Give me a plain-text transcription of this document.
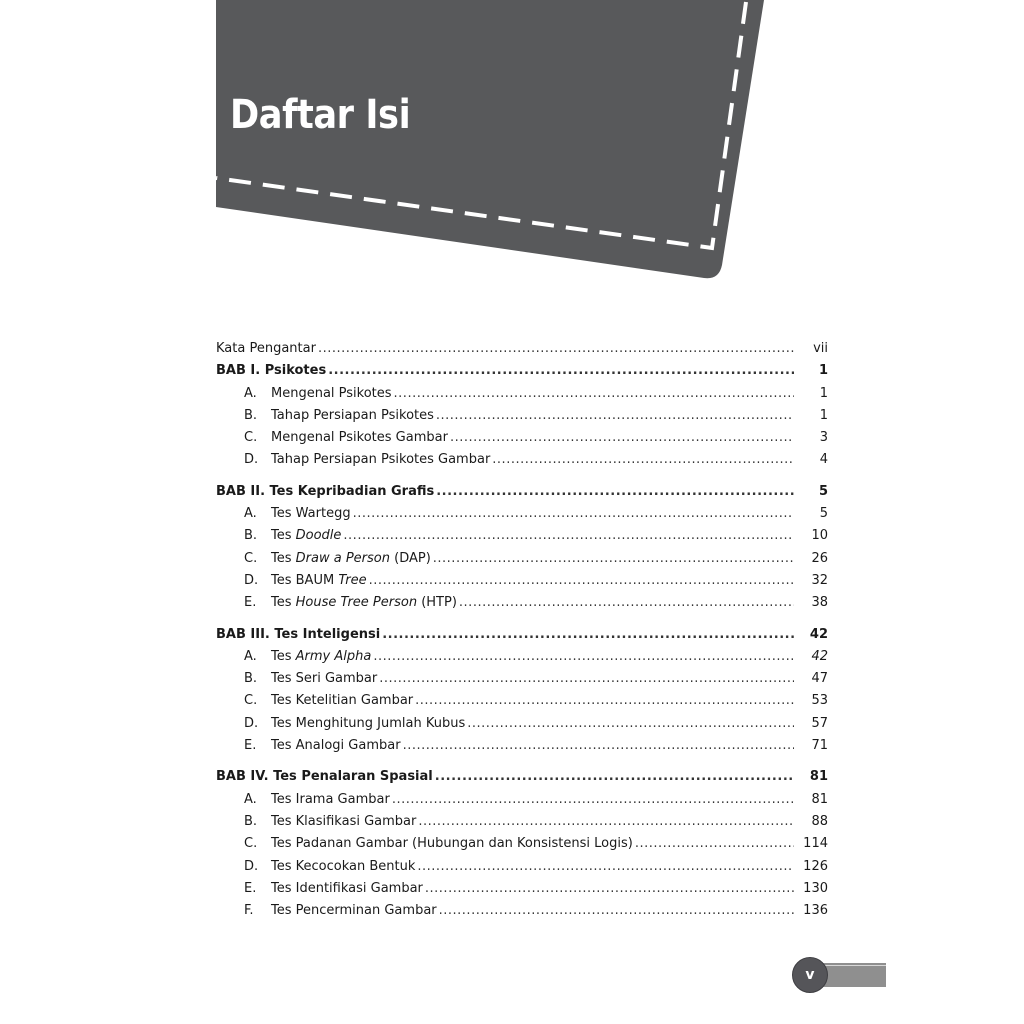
Daftar Isi
Kata Pengantar .....	vii
BAB I. Psikotes .....	1
A.	Mengenal Psikotes .....	1
B.	Tahap Persiapan Psikotes .....	1
C.	Mengenal Psikotes Gambar .....	3
D. Tahap Persiapan Psikotes Gambar .....	4
BAB II. Tes Kepribadian Grafis .....	5
A.	Tes Wartegg .....	5
B.	Tes Doodle .....	10
C.	Tes Draw a Person (DAP) .....	26
D. Tes BAUM Tree .....	32
E.	Tes House Tree Person (HTP) .....	38
BAB III. Tes Inteligensi .....	42
A.	Tes Army Alpha .....	42
B.	Tes Seri Gambar .....	47
C.	Tes Ketelitian Gambar .....	53
D. Tes Menghitung Jumlah Kubus .....	57
E.	Tes Analogi Gambar .....	71
BAB IV. Tes Penalaran Spasial .....	81
A.	Tes Irama Gambar .....	81
B.	Tes Klasifikasi Gambar .....	88
C.	Tes Padanan Gambar (Hubungan dan Konsistensi Logis) .....	114
D. Tes Kecocokan Bentuk .....	126
E.	Tes Identifikasi Gambar .....	130
F.	Tes Pencerminan Gambar .....	136
v
